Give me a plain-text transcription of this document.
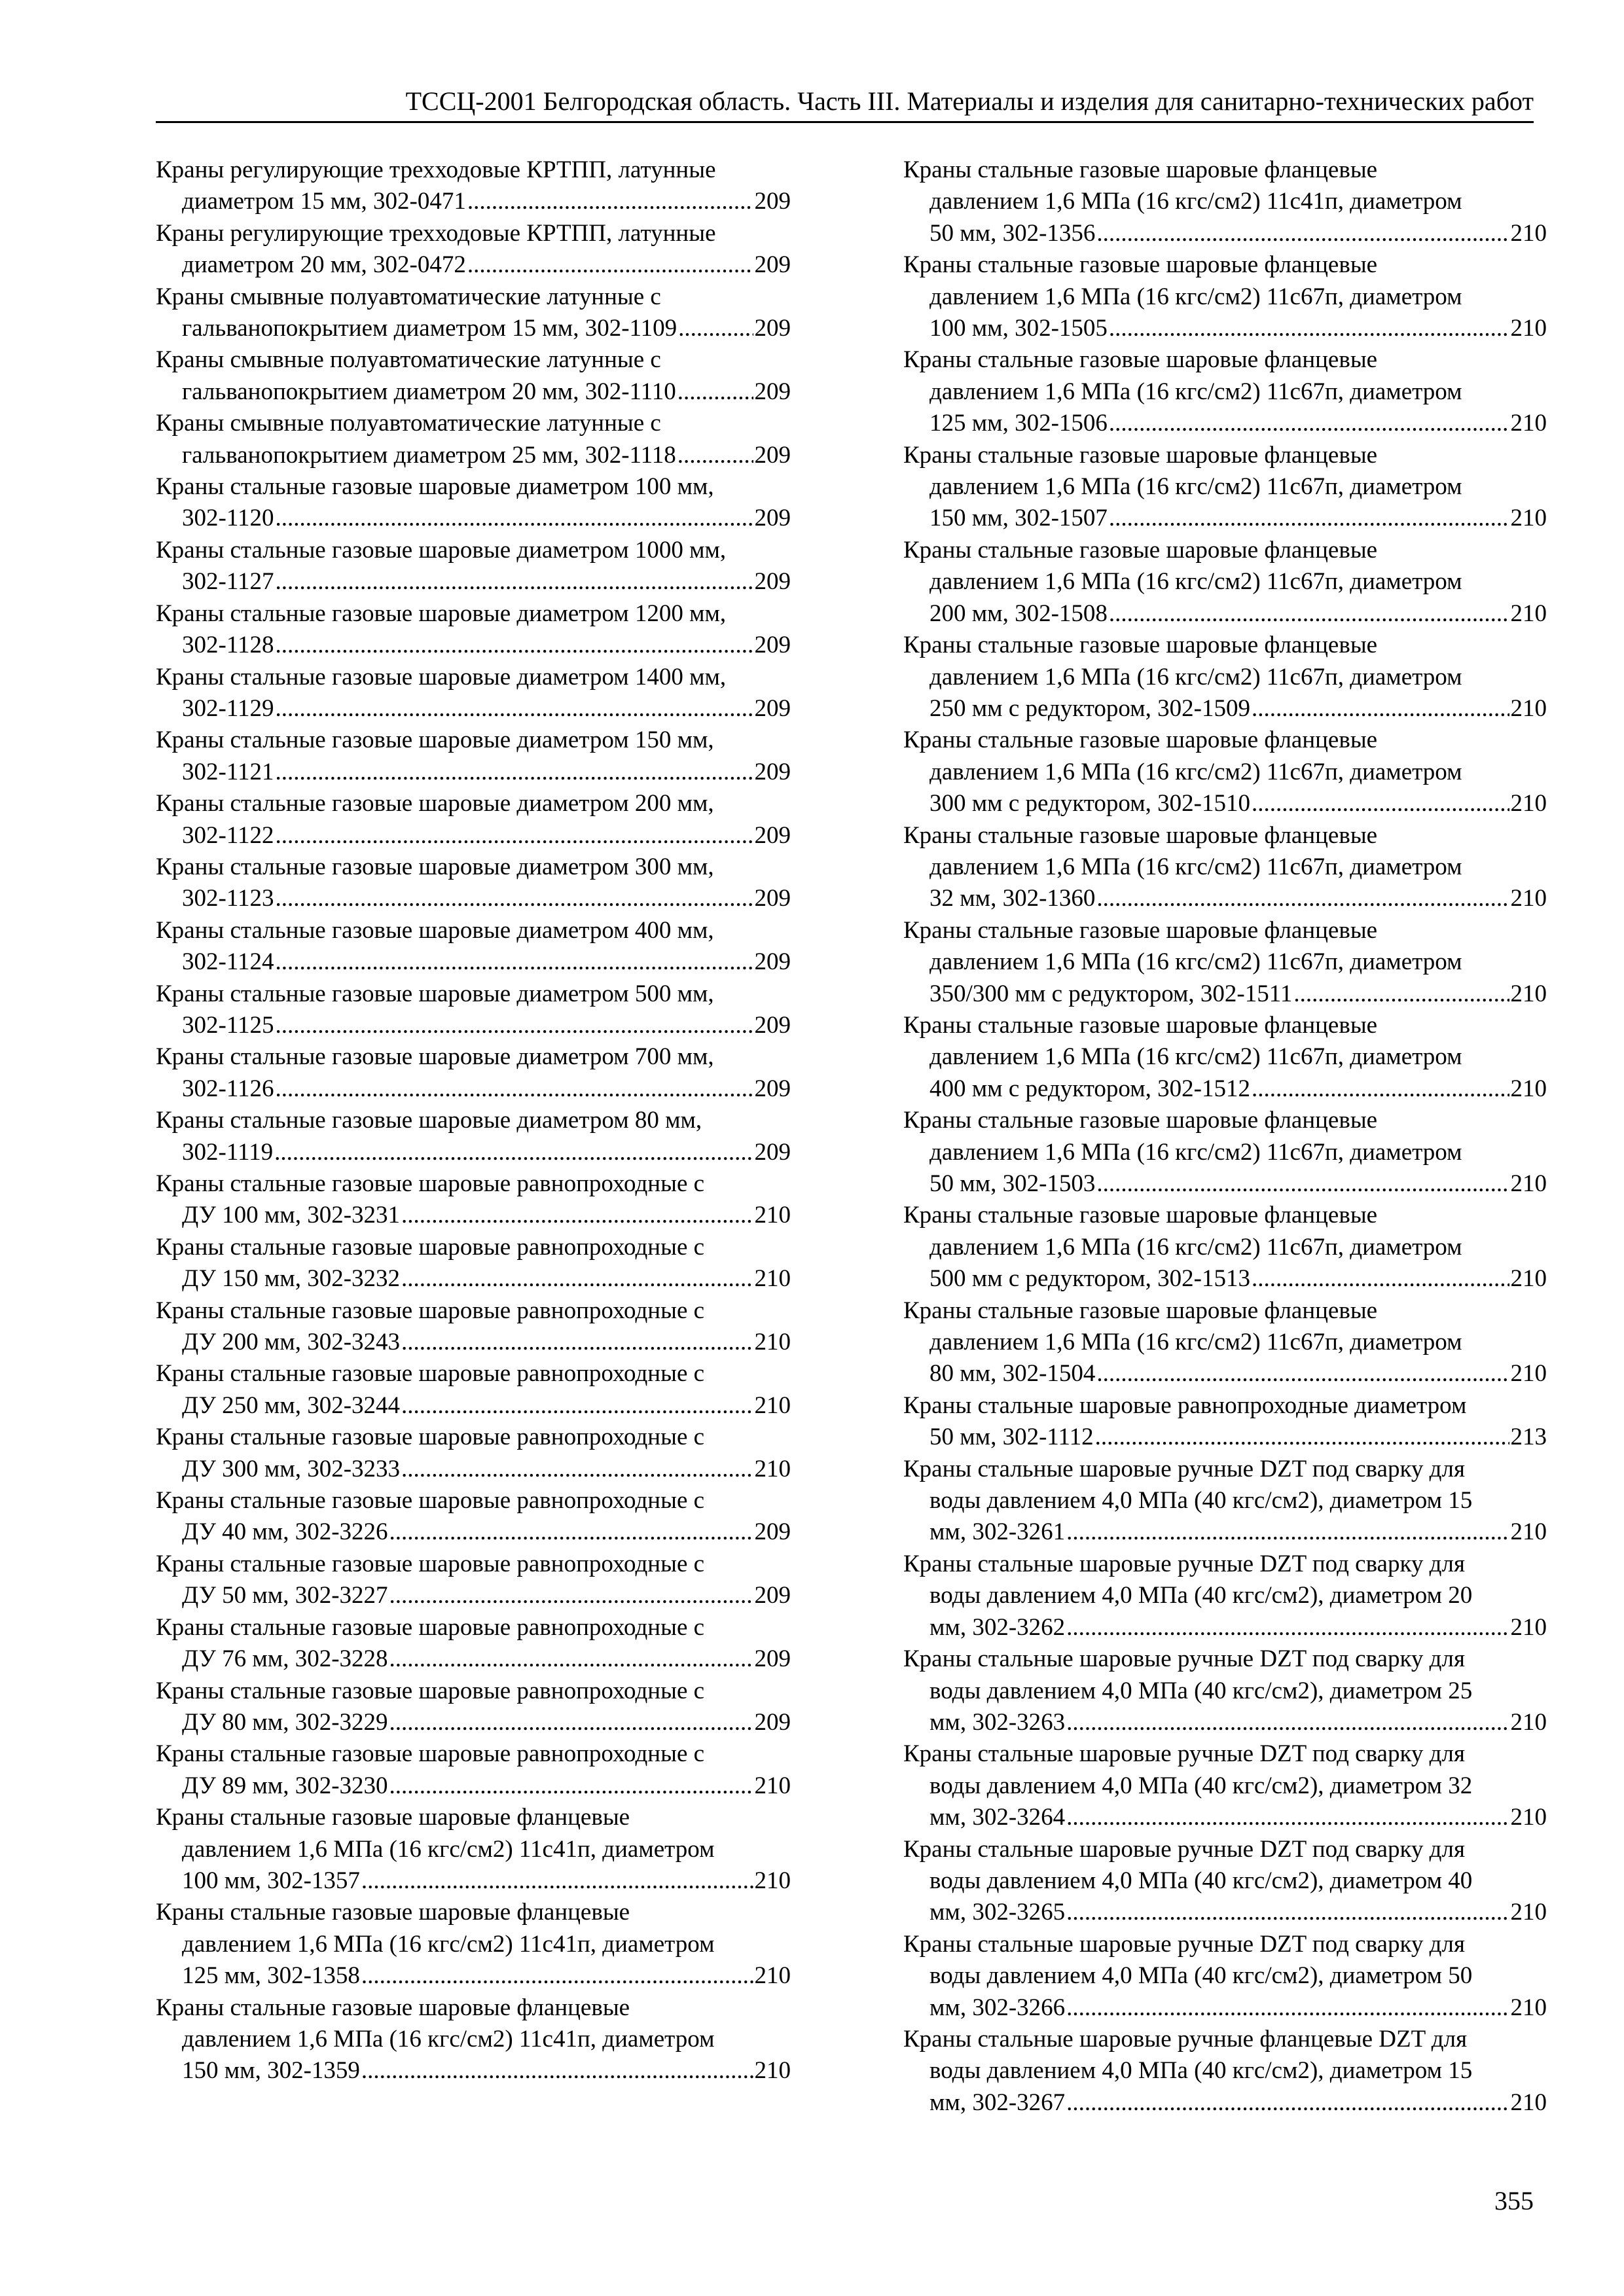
ТССЦ-2001 Белгородская область. Часть III. Материалы и изделия для санитарно-технических работ
Краны регулирующие трехходовые КРТПП, латунные
диаметром 15 мм, 302-0471 .....	209
Краны регулирующие трехходовые КРТПП, латунные
диаметром 20 мм, 302-0472 .....	209
Краны смывные полуавтоматические латунные с
гальванопокрытием диаметром 15 мм, 302-1109 .....	209
Краны смывные полуавтоматические латунные с
гальванопокрытием диаметром 20 мм, 302-1110 .....	209
Краны смывные полуавтоматические латунные с
гальванопокрытием диаметром 25 мм, 302-1118 .....	209
Краны стальные газовые шаровые диаметром 100 мм,
302-1120 .....	209
Краны стальные газовые шаровые диаметром 1000 мм,
302-1127 .....	209
Краны стальные газовые шаровые диаметром 1200 мм,
302-1128 .....	209
Краны стальные газовые шаровые диаметром 1400 мм,
302-1129 .....	209
Краны стальные газовые шаровые диаметром 150 мм,
302-1121 .....	209
Краны стальные газовые шаровые диаметром 200 мм,
302-1122 .....	209
Краны стальные газовые шаровые диаметром 300 мм,
302-1123 .....	209
Краны стальные газовые шаровые диаметром 400 мм,
302-1124 .....	209
Краны стальные газовые шаровые диаметром 500 мм,
302-1125 .....	209
Краны стальные газовые шаровые диаметром 700 мм,
302-1126 .....	209
Краны стальные газовые шаровые диаметром 80 мм,
302-1119 .....	209
Краны стальные газовые шаровые равнопроходные с
ДУ 100 мм, 302-3231 .....	210
Краны стальные газовые шаровые равнопроходные с
ДУ 150 мм, 302-3232 .....	210
Краны стальные газовые шаровые равнопроходные с
ДУ 200 мм, 302-3243 .....	210
Краны стальные газовые шаровые равнопроходные с
ДУ 250 мм, 302-3244 .....	210
Краны стальные газовые шаровые равнопроходные с
ДУ 300 мм, 302-3233 .....	210
Краны стальные газовые шаровые равнопроходные с
ДУ 40 мм, 302-3226 .....	209
Краны стальные газовые шаровые равнопроходные с
ДУ 50 мм, 302-3227 .....	209
Краны стальные газовые шаровые равнопроходные с
ДУ 76 мм, 302-3228 .....	209
Краны стальные газовые шаровые равнопроходные с
ДУ 80 мм, 302-3229 .....	209
Краны стальные газовые шаровые равнопроходные с
ДУ 89 мм, 302-3230 .....	210
Краны стальные газовые шаровые фланцевые
давлением 1,6 МПа (16 кгс/см2) 11с41п, диаметром
100 мм, 302-1357 .....	210
Краны стальные газовые шаровые фланцевые
давлением 1,6 МПа (16 кгс/см2) 11с41п, диаметром
125 мм, 302-1358 .....	210
Краны стальные газовые шаровые фланцевые
давлением 1,6 МПа (16 кгс/см2) 11с41п, диаметром
150 мм, 302-1359 .....	210
Краны стальные газовые шаровые фланцевые
давлением 1,6 МПа (16 кгс/см2) 11с41п, диаметром
50 мм, 302-1356 .....	210
Краны стальные газовые шаровые фланцевые
давлением 1,6 МПа (16 кгс/см2) 11с67п, диаметром
100 мм, 302-1505 .....	210
Краны стальные газовые шаровые фланцевые
давлением 1,6 МПа (16 кгс/см2) 11с67п, диаметром
125 мм, 302-1506 .....	210
Краны стальные газовые шаровые фланцевые
давлением 1,6 МПа (16 кгс/см2) 11с67п, диаметром
150 мм, 302-1507 .....	210
Краны стальные газовые шаровые фланцевые
давлением 1,6 МПа (16 кгс/см2) 11с67п, диаметром
200 мм, 302-1508 .....	210
Краны стальные газовые шаровые фланцевые
давлением 1,6 МПа (16 кгс/см2) 11с67п, диаметром
250 мм с редуктором, 302-1509 .....	210
Краны стальные газовые шаровые фланцевые
давлением 1,6 МПа (16 кгс/см2) 11с67п, диаметром
300 мм с редуктором, 302-1510 .....	210
Краны стальные газовые шаровые фланцевые
давлением 1,6 МПа (16 кгс/см2) 11с67п, диаметром
32 мм, 302-1360 .....	210
Краны стальные газовые шаровые фланцевые
давлением 1,6 МПа (16 кгс/см2) 11с67п, диаметром
350/300 мм с редуктором, 302-1511 .....	210
Краны стальные газовые шаровые фланцевые
давлением 1,6 МПа (16 кгс/см2) 11с67п, диаметром
400 мм с редуктором, 302-1512 .....	210
Краны стальные газовые шаровые фланцевые
давлением 1,6 МПа (16 кгс/см2) 11с67п, диаметром
50 мм, 302-1503 .....	210
Краны стальные газовые шаровые фланцевые
давлением 1,6 МПа (16 кгс/см2) 11с67п, диаметром
500 мм с редуктором, 302-1513 .....	210
Краны стальные газовые шаровые фланцевые
давлением 1,6 МПа (16 кгс/см2) 11с67п, диаметром
80 мм, 302-1504 .....	210
Краны стальные шаровые равнопроходные диаметром
50 мм, 302-1112 .....	213
Краны стальные шаровые ручные DZT под сварку для
воды давлением 4,0 МПа (40 кгс/см2), диаметром 15
мм, 302-3261 .....	210
Краны стальные шаровые ручные DZT под сварку для
воды давлением 4,0 МПа (40 кгс/см2), диаметром 20
мм, 302-3262 .....	210
Краны стальные шаровые ручные DZT под сварку для
воды давлением 4,0 МПа (40 кгс/см2), диаметром 25
мм, 302-3263 .....	210
Краны стальные шаровые ручные DZT под сварку для
воды давлением 4,0 МПа (40 кгс/см2), диаметром 32
мм, 302-3264 .....	210
Краны стальные шаровые ручные DZT под сварку для
воды давлением 4,0 МПа (40 кгс/см2), диаметром 40
мм, 302-3265 .....	210
Краны стальные шаровые ручные DZT под сварку для
воды давлением 4,0 МПа (40 кгс/см2), диаметром 50
мм, 302-3266 .....	210
Краны стальные шаровые ручные фланцевые DZT для
воды давлением 4,0 МПа (40 кгс/см2), диаметром 15
мм, 302-3267 .....	210
355
